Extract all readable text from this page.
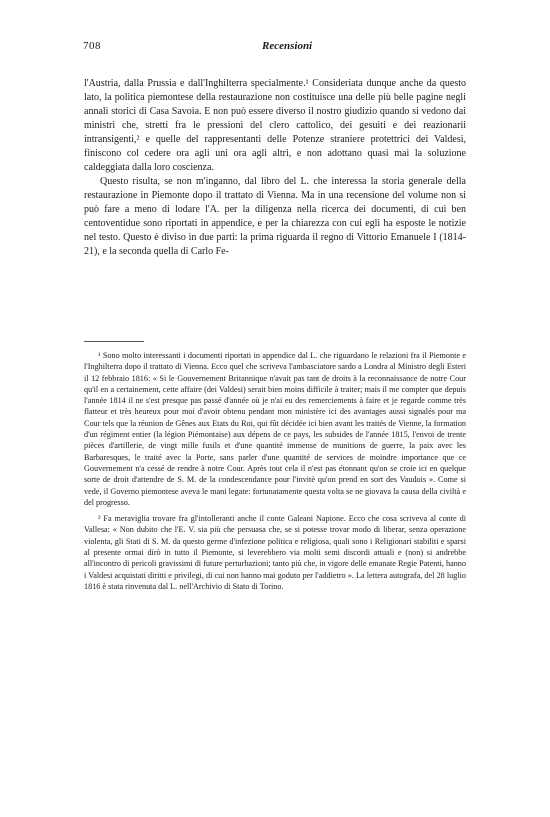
708	Recensioni

l'Austria, dalla Prussia e dall'Inghilterra specialmente.¹ Consideriata dunque anche da questo lato, la politica piemontese della restaurazione non costituisce una delle più belle pagine negli annali storici di Casa Savoia. E non può essere diverso il nostro giudizio quando si vedono dai ministri che, stretti fra le pressioni del clero cattolico, dei gesuiti e dei reazionarii intransigenti,² e quelle del rappresentanti delle Potenze straniere protettrici dei Valdesi, finiscono col cedere ora agli uni ora agli altri, e non adottano quasi mai la soluzione caldeggiata dalla loro coscienza.

Questo risulta, se non m'inganno, dal libro del L. che interessa la storia generale della restaurazione in Piemonte dopo il trattato di Vienna. Ma in una recensione del volume non si può fare a meno di lodare l'A. per la diligenza nella ricerca dei documenti, di cui ben centoventidue sono riportati in appendice, e per la chiarezza con cui egli ha esposte le notizie nel testo. Questo è diviso in due parti: la prima riguarda il regno di Vittorio Emanuele I (1814-21), e la seconda quella di Carlo Fe-

¹ Sono molto interessanti i documenti riportati in appendice dal L. che riguardano le relazioni fra il Piemonte e l'Inghilterra dopo il trattato di Vienna. Ecco quel che scriveva l'ambasciatore sardo a Londra al Ministro degli Esteri il 12 febbraio 1816: « Si le Gouvernement Britannique n'avait pas tant de droits à la reconnaissance de notre Cour qu'il en a certainement, cette affaire (dei Valdesi) serait bien moins difficile à traiter; mais il me compter que depuis l'année 1814 il ne s'est presque pas passé d'année où je n'ai eu des remerciements à faire et je regarde comme très flatteur et très heureux pour moi d'avoir obtenu pendant mon ministère ici des avantages aussi signalés pour ma Cour tels que la réunion de Gênes aux Etats du Roi, qui fût décidée ici bien avant les traités de Vienne, la formation d'un régiment entier (la légion Piémontaise) aux dépens de ce pays, les subsides de l'année 1815, l'envoi de trente pièces d'artillerie, de vingt mille fusils et d'une quantité immense de munitions de guerre, la paix avec les Barbaresques, le traité avec la Porte, sans parler d'une quantité de services de moindre importance que ce Gouvernement n'a cessé de rendre à notre Cour. Après tout cela il n'est pas étonnant qu'on se croie ici en quelque sorte de droit d'attendre de S. M. de la condescendance pour l'invitè qu'on prend en sort des Vaudois ». Come si vede, il Governo piemontese aveva le mani legate: fortunatamente questa volta se ne giovava la causa della civiltà e del progresso.

² Fa meraviglia trovare fra gl'intolleranti anche il conte Galeani Napione. Ecco che cosa scriveva al conte di Vallesa: « Non dubito che l'E. V. sia più che persuasa che, se si potesse trovar modo di liberar, senza operazione violenta, gli Stati di S. M. da questo germe d'infezione politica e religiosa, quali sono i Religionari stabiliti e sparsi al presente ormai dirò in tutto il Piemonte, si leverebbero via molti semi discordi attuali e (non) si andrebbe all'incontro di pericoli gravissimi di future perturbazioni; tanto più che, in vigore delle emanate Regie Patenti, hanno i Valdesi acquistati diritti e privilegi, di cui non hanno mai goduto per l'addietro ». La lettera autografa, del 28 luglio 1816 è stata rinvenuta dal L. nell'Archivio di Stato di Torino.
